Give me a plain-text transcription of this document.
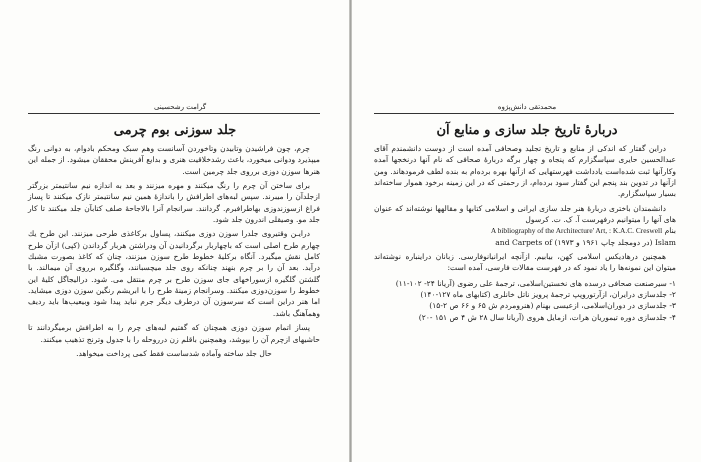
گرامت رشحسینی
جلد سوزنی بوم چرمی

چرم، چون فراشیدن وتابیدن وتاخوردن آسانست وهم سبک ومحکم بادوام، به دوانی رنگ میپذیرد ودوانی میخورد، باعث رشدخلاقیت هنری و بدایع آفرینش محققان میشود. از جمله این هنرها سوزن دوزی برروی جلد چرمین است.

برای ساختن آن چرم را رنگ میکنند و مهره میزنند و بعد به اندازه نیم سانتیمتر بزرگتر ازجلدآن را میبرند. سپس لبه‌های اطرافش را باندازهٔ همین نیم سانتیمتر نازک میکنند تا پساز فراغ ازسوزندوزی بهاطرافبرم‌. گردانند. سرانجام آنرا بالاجاحهٔ صلف کتابآن جلد میکنند تا کار جلد مو‌. وصیقلی اندرون جلد شود.

درایـن وقتیروی جلدرا سوزن دوزی میکنند، پساول برکاغذی طرحی میزنند. این طرح یك چهارم طرح اصلی است که باچهاربار برگردانیدن آن ودراشتن هربار گرداندن (کپی) ازآن طرح کامل نقش میگیرد. آنگاه برکلیهٔ خطوط طرح سوزن میزنند، چنان که کاغذ بصورت مشبك درآید. بعد آن را بر چرم بنهند چنانکه روی جلد میچسبانند، وگلگیره برروی آن میمالند. با گلشتن گلگیره ازسوراخهای جای سوزن طرح بر چرم منتقل می‌. شود. درالیجاگل کلیهٔ این خطوط را سوزن‌دوزی میکنند. وسرانجام زمینهٔ طرح را با ابریشم رنگین سوزن دوزی میشاید. اما هنر دراین است که سرسوزن آن درطرف دیگر جرم نباید پیدا شود وبیعیب‌ها باید ردیف وهمآهنگ باشد.

پساز اتمام سوزن دوزی همچنان که گفتیم لبه‌های چرم را به اطرافش برمیگردانند تا حاشیهای ازچرم آن را بپوشد، وهمچنین باقلم زن دررو‌حله را با جدول وترنج تذهیب میکنند.

حال جلد ساخته وآماده شدساست فقط کمی پرداخت میخواهد.

محمدتقی دانش‌پژوه
دربارهٔ تاریخ جلد سازی و منابع آن

دراین گفتار که اندکی از منابع و تاریخ تجلید وصحافی آمده است از دوست دانشمندم آقای عبدالحسین حایری سپاسگزارم که پنجاه و چهار برگه دربارهٔ صحافی که نام آنها درنخجها آمده وکارآنها ثبت شده‌است یادداشت فهرستهایی که ازآنها بهره برده‌ام به بنده لطف فرمودهاند. ومن ازآنها در تدوین بند پنجم این گفتار سود برده‌ام، از رحمتی که در این زمینه برخود هموار ساخته‌اند بسیار سپاسگزارم.

دانشمندان باختری دربارهٔ هنر جلد سازی ایرانی و اسلامی کتابها و مقالهها نوشته‌اند که عنوان های آنها را میتوانیم درفهرست آ. ک. ت. کرسول

بنام A bibliography of the Architecture' Art, : K.A.C. Creswell

Islam (در دومجلد چاپ ۱۹۶۱ و ۱۹۷۳) and Carpets of

همچنین درهادیکس اسلامی کهن، بیابیم. ازآنچه ایرانیانوفارسی‌. زبانان دراینباره نوشته‌اند میتوان این نمونه‌ها را یاد نمود که در فهرست مقالات فارسی، آمده است:

۱- سیرصنعت صحافی درسده های نخستین‌اسلامی، ترجمهٔ علی رضوی (آریانا ۲۴- ۱۰۲-۱۱)
۲- جلدسازی درایران، ازآرتوروپپ ترجمهٔ پرویز ناتل خانلری (کتابهای ماه ۱۲۷-۱۴۰)
۳- جلدسازی در دوران‌اسلامی، ازعیسی بهنام (هنرومردم ش ۶۵ و ۶۶ ص ۲-۱۵)
۴- جلدسازی دوره تیموریان هرات، ازمایل هروی (آریانا سال ۲۸ ش ۴ ص ۱۵۱ -۲۰)
